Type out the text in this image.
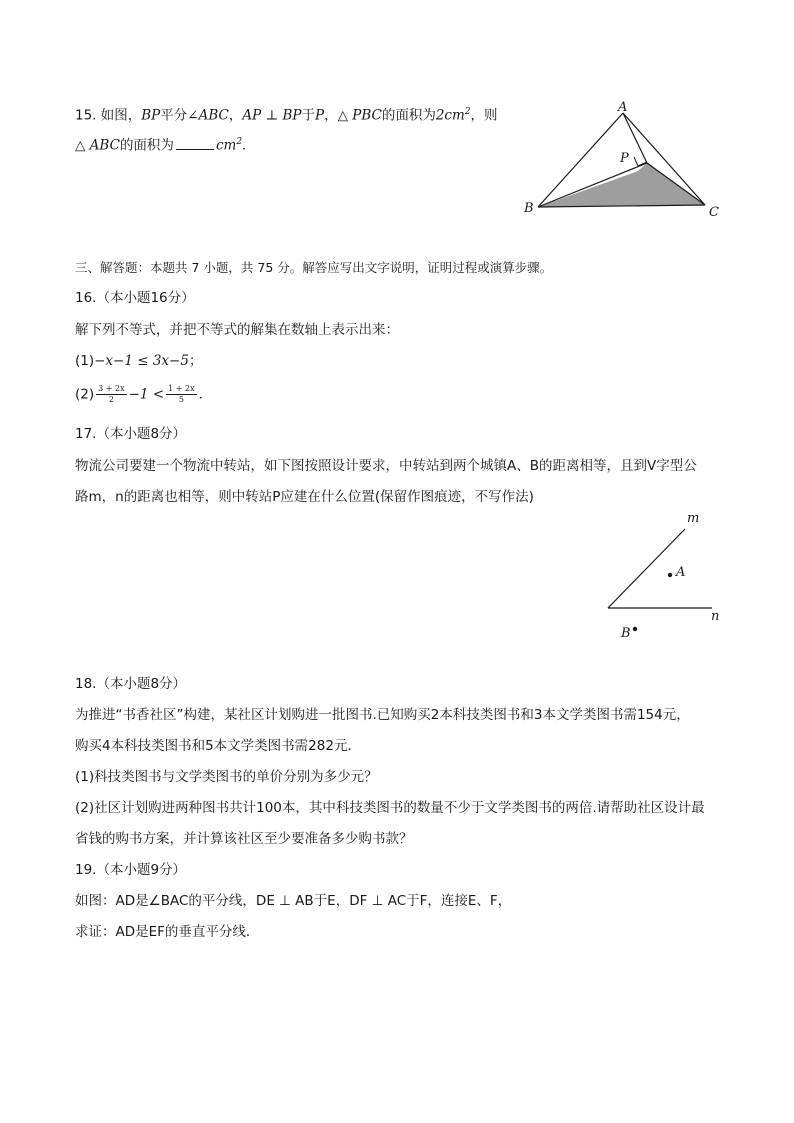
15. 如图，BP平分∠ABC，AP ⊥ BP于P，△ PBC的面积为$2cm^2$，则
△ ABC的面积为	$cm^2$．
A
P
B	C
三、解答题：本题共 7 小题，共 75 分。解答应写出文字说明，证明过程或演算步骤。
16.（本小题16分）
解下列不等式，并把不等式的解集在数轴上表示出来：
(1)−x−1 ≤ 3x−5；
$(2) \frac{3 + 2x}{2} -1 < \frac{1 + 2x}{5}$ ．
17.（本小题8分）
物流公司要建一个物流中转站，如下图按照设计要求，中转站到两个城镇A、B的距离相等，且到V字型公
路m，n的距离也相等，则中转站P应建在什么位置(保留作图痕迹，不写作法)
m
n
A
B
18.（本小题8分）
为推进“书香社区”构建，某社区计划购进一批图书.已知购买2本科技类图书和3本文学类图书需154元，
购买4本科技类图书和5本文学类图书需282元．
(1)科技类图书与文学类图书的单价分别为多少元？
(2)社区计划购进两种图书共计100本，其中科技类图书的数量不少于文学类图书的两倍.请帮助社区设计最
省钱的购书方案，并计算该社区至少要准备多少购书款？
19.（本小题9分）
如图：AD是∠BAC的平分线，DE ⊥ AB于E，DF ⊥ AC于F，连接E、F，
求证：AD是EF的垂直平分线．
